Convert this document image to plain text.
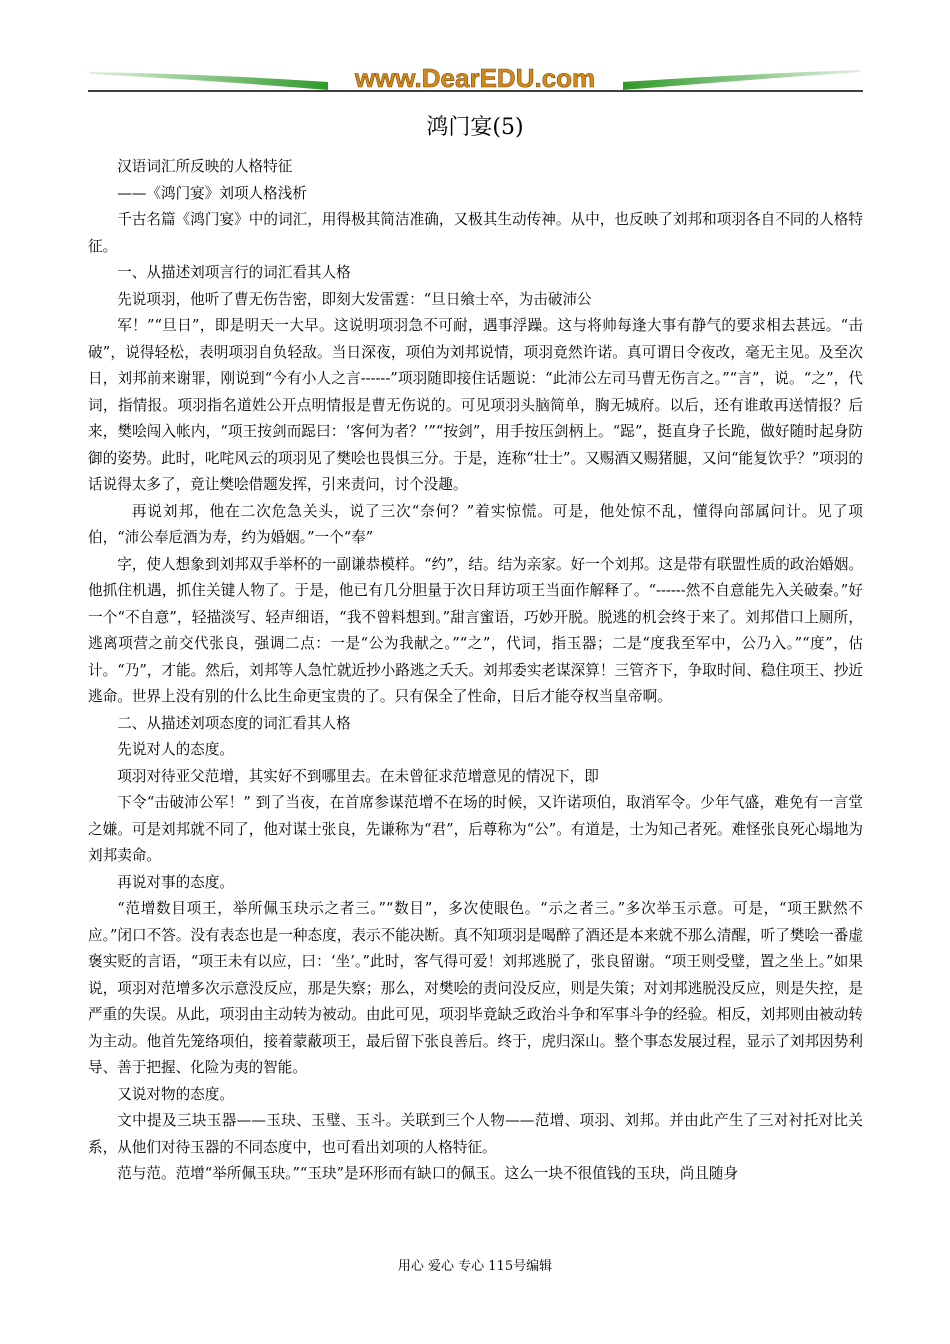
www.DearEDU.com
鸿门宴(5)

汉语词汇所反映的人格特征

——《鸿门宴》刘项人格浅析

千古名篇《鸿门宴》中的词汇，用得极其简洁准确，又极其生动传神。从中，也反映了刘邦和项羽各自不同的人格特征。

一、从描述刘项言行的词汇看其人格

先说项羽，他听了曹无伤告密，即刻大发雷霆：“旦日飨士卒，为击破沛公

军！”“旦日”，即是明天一大早。这说明项羽急不可耐，遇事浮躁。这与将帅每逢大事有静气的要求相去甚远。“击破”，说得轻松，表明项羽自负轻敌。当日深夜，项伯为刘邦说情，项羽竟然许诺。真可谓日令夜改，毫无主见。及至次日，刘邦前来谢罪，刚说到“今有小人之言------”项羽随即接住话题说：“此沛公左司马曹无伤言之。”“言”，说。“之”，代词，指情报。项羽指名道姓公开点明情报是曹无伤说的。可见项羽头脑简单，胸无城府。以后，还有谁敢再送情报？后来，樊哙闯入帐内，“项王按剑而跽曰：‘客何为者？’”“按剑”，用手按压剑柄上。“跽”，挺直身子长跪，做好随时起身防御的姿势。此时，叱咤风云的项羽见了樊哙也畏惧三分。于是，连称“壮士”。又赐酒又赐猪腿，又问“能复饮乎？”项羽的话说得太多了，竟让樊哙借题发挥，引来责问，讨个没趣。

再说刘邦，他在二次危急关头，说了三次“奈何？”着实惊慌。可是，他处惊不乱，懂得向部属问计。见了项伯，“沛公奉卮酒为寿，约为婚姻。”一个“奉”

字，使人想象到刘邦双手举杯的一副谦恭模样。“约”，结。结为亲家。好一个刘邦。这是带有联盟性质的政治婚姻。他抓住机遇，抓住关键人物了。于是，他已有几分胆量于次日拜访项王当面作解释了。“------然不自意能先入关破秦。”好一个“不自意”，轻描淡写、轻声细语，“我不曾料想到。”甜言蜜语，巧妙开脱。脱逃的机会终于来了。刘邦借口上厕所，逃离项营之前交代张良，强调二点：一是“公为我献之。”“之”，代词，指玉器；二是“度我至军中，公乃入。”“度”，估计。“乃”，才能。然后，刘邦等人急忙就近抄小路逃之夭夭。刘邦委实老谋深算！三管齐下，争取时间、稳住项王、抄近逃命。世界上没有别的什么比生命更宝贵的了。只有保全了性命，日后才能夺权当皇帝啊。

二、从描述刘项态度的词汇看其人格

先说对人的态度。

项羽对待亚父范增，其实好不到哪里去。在未曾征求范增意见的情况下，即

下令“击破沛公军！” 到了当夜，在首席参谋范增不在场的时候，又许诺项伯，取消军令。少年气盛，难免有一言堂之嫌。可是刘邦就不同了，他对谋士张良，先谦称为“君”，后尊称为“公”。有道是，士为知己者死。难怪张良死心塌地为刘邦卖命。

再说对事的态度。

“范增数目项王，举所佩玉玦示之者三。”“数目”，多次使眼色。“示之者三。”多次举玉示意。可是，“项王默然不应。”闭口不答。没有表态也是一种态度，表示不能决断。真不知项羽是喝醉了酒还是本来就不那么清醒，听了樊哙一番虚褒实贬的言语，“项王未有以应，曰：‘坐’。”此时，客气得可爱！刘邦逃脱了，张良留谢。“项王则受璧，置之坐上。”如果说，项羽对范增多次示意没反应，那是失察；那么，对樊哙的责问没反应，则是失策；对刘邦逃脱没反应，则是失控，是严重的失误。从此，项羽由主动转为被动。由此可见，项羽毕竟缺乏政治斗争和军事斗争的经验。相反，刘邦则由被动转为主动。他首先笼络项伯，接着蒙蔽项王，最后留下张良善后。终于，虎归深山。整个事态发展过程，显示了刘邦因势利导、善于把握、化险为夷的智能。

又说对物的态度。

文中提及三块玉器——玉玦、玉璧、玉斗。关联到三个人物——范增、项羽、刘邦。并由此产生了三对衬托对比关系，从他们对待玉器的不同态度中，也可看出刘项的人格特征。

范与范。范增“举所佩玉玦。”“玉玦”是环形而有缺口的佩玉。这么一块不很值钱的玉玦，尚且随身

用心 爱心 专心 115号编辑
